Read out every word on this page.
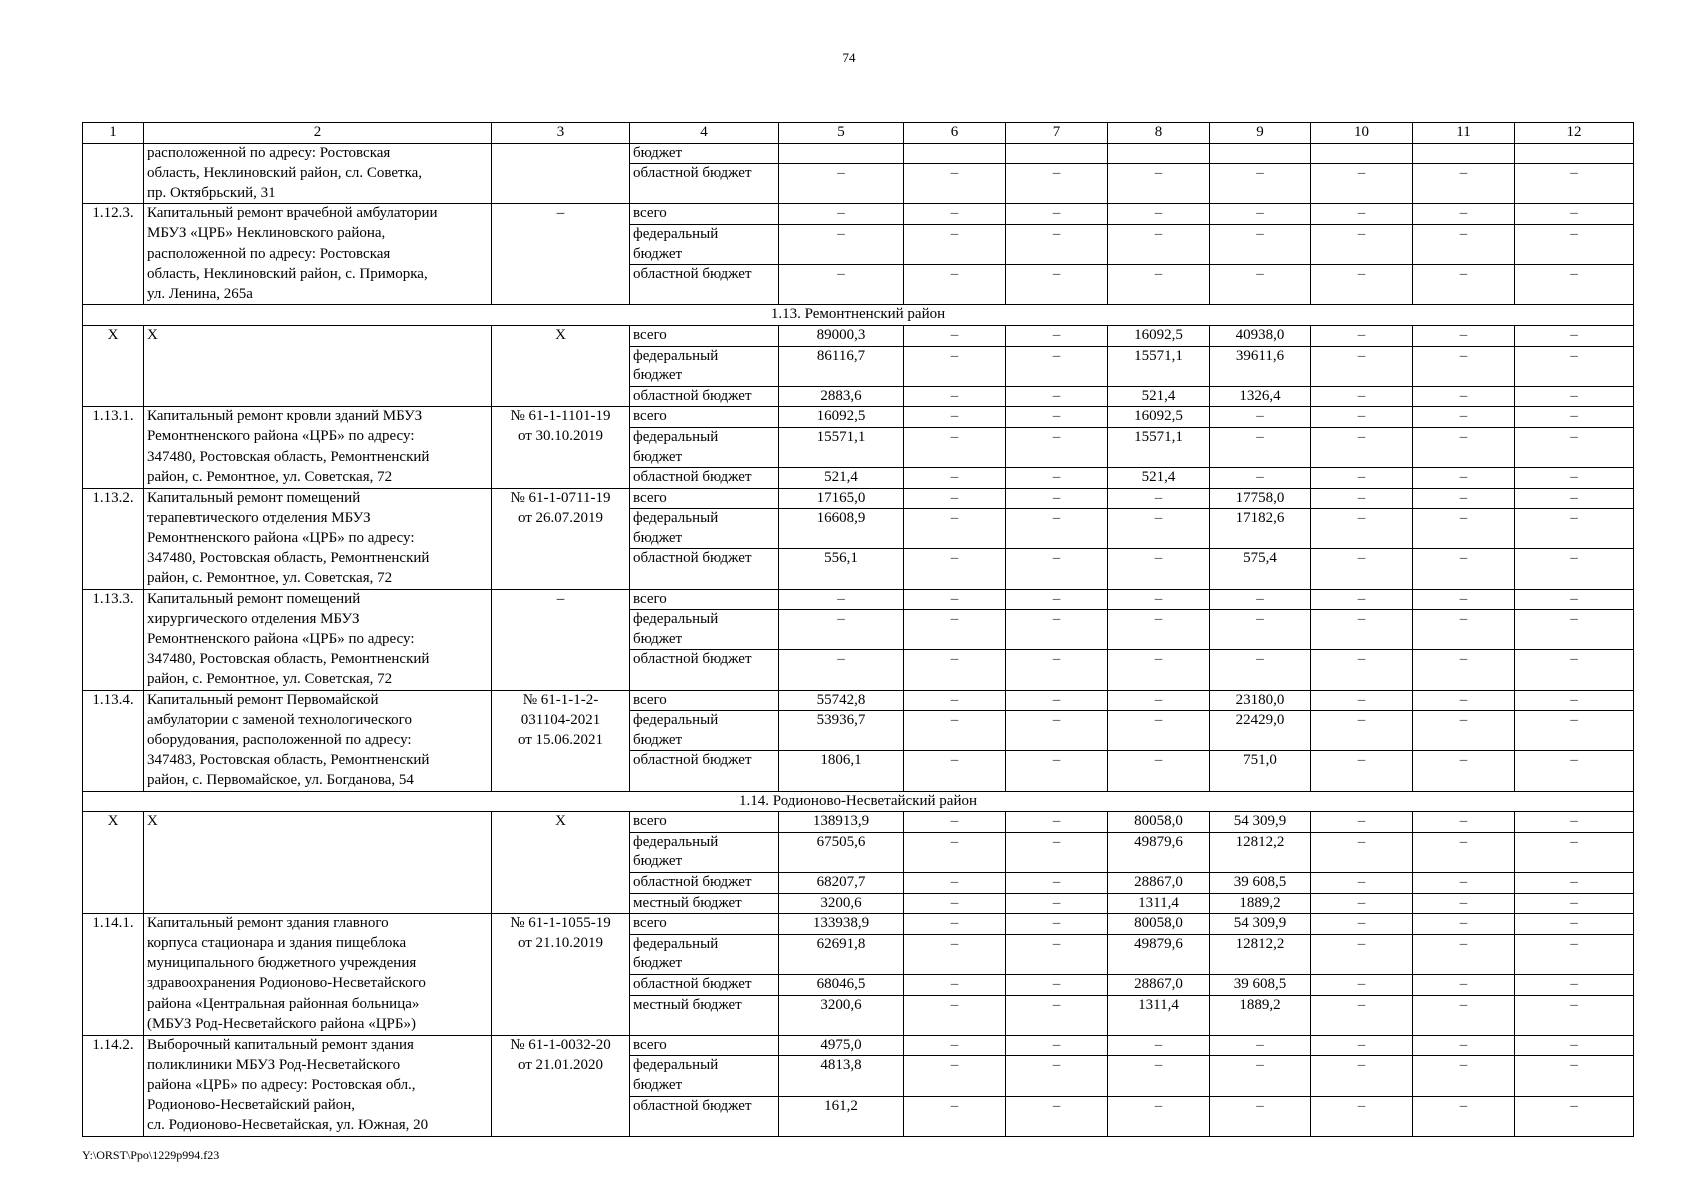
74
1	2	3	4	5	6	7	8	9	10	11	12
	расположенной по адресу: Ростовская		бюджет								
	область, Неклиновский район, сл. Советка,		областной бюджет	–	–	–	–	–	–	–	–
	пр. Октябрьский, 31										
1.12.3.	Капитальный ремонт врачебной амбулатории	–	всего	–	–	–	–	–	–	–	–
	МБУЗ «ЦРБ» Неклиновского района,		федеральный	–	–	–	–	–	–	–	–
	расположенной по адресу: Ростовская		бюджет								
	область, Неклиновский район, с. Приморка,		областной бюджет	–	–	–	–	–	–	–	–
	ул. Ленина, 265а										
1.13. Ремонтненский район											
Х	Х	Х	всего	89000,3	–	–	16092,5	40938,0	–	–	–
			федеральный	86116,7	–	–	15571,1	39611,6	–	–	–
			бюджет								
			областной бюджет	2883,6	–	–	521,4	1326,4	–	–	–
1.13.1.	Капитальный ремонт кровли зданий МБУЗ	№ 61-1-1101-19	всего	16092,5	–	–	16092,5	–	–	–	–
	Ремонтненского района «ЦРБ» по адресу:	от 30.10.2019	федеральный	15571,1	–	–	15571,1	–	–	–	–
	347480, Ростовская область, Ремонтненский		бюджет								
	район, с. Ремонтное, ул. Советская, 72		областной бюджет	521,4	–	–	521,4	–	–	–	–
1.13.2.	Капитальный ремонт помещений	№ 61-1-0711-19	всего	17165,0	–	–	–	17758,0	–	–	–
	терапевтического отделения МБУЗ	от 26.07.2019	федеральный	16608,9	–	–	–	17182,6	–	–	–
	Ремонтненского района «ЦРБ» по адресу:		бюджет								
	347480, Ростовская область, Ремонтненский		областной бюджет	556,1	–	–	–	575,4	–	–	–
	район, с. Ремонтное, ул. Советская, 72										
1.13.3.	Капитальный ремонт помещений	–	всего	–	–	–	–	–	–	–	–
	хирургического отделения МБУЗ		федеральный	–	–	–	–	–	–	–	–
	Ремонтненского района «ЦРБ» по адресу:		бюджет								
	347480, Ростовская область, Ремонтненский		областной бюджет	–	–	–	–	–	–	–	–
	район, с. Ремонтное, ул. Советская, 72										
1.13.4.	Капитальный ремонт Первомайской	№ 61-1-1-2-	всего	55742,8	–	–	–	23180,0	–	–	–
	амбулатории с заменой технологического	031104-2021	федеральный	53936,7	–	–	–	22429,0	–	–	–
	оборудования, расположенной по адресу:	от 15.06.2021	бюджет								
	347483, Ростовская область, Ремонтненский		областной бюджет	1806,1	–	–	–	751,0	–	–	–
	район, с. Первомайское, ул. Богданова, 54										
1.14. Родионово-Несветайский район											
Х	Х	Х	всего	138913,9	–	–	80058,0	54 309,9	–	–	–
			федеральный	67505,6	–	–	49879,6	12812,2	–	–	–
			бюджет								
			областной бюджет	68207,7	–	–	28867,0	39 608,5	–	–	–
			местный бюджет	3200,6	–	–	1311,4	1889,2	–	–	–
1.14.1.	Капитальный ремонт здания главного	№ 61-1-1055-19	всего	133938,9	–	–	80058,0	54 309,9	–	–	–
	корпуса стационара и здания пищеблока	от 21.10.2019	федеральный	62691,8	–	–	49879,6	12812,2	–	–	–
	муниципального бюджетного учреждения		бюджет								
	здравоохранения Родионово-Несветайского		областной бюджет	68046,5	–	–	28867,0	39 608,5	–	–	–
	района «Центральная районная больница»		местный бюджет	3200,6	–	–	1311,4	1889,2	–	–	–
	(МБУЗ Род-Несветайского района «ЦРБ»)										
1.14.2.	Выборочный капитальный ремонт здания	№ 61-1-0032-20	всего	4975,0	–	–	–	–	–	–	–
	поликлиники МБУЗ Род-Несветайского	от 21.01.2020	федеральный	4813,8	–	–	–	–	–	–	–
	района «ЦРБ» по адресу: Ростовская обл.,		бюджет								
	Родионово-Несветайский район,		областной бюджет	161,2	–	–	–	–	–	–	–
	сл. Родионово-Несветайская, ул. Южная, 20										
Y:\ORST\Ppo\1229p994.f23
